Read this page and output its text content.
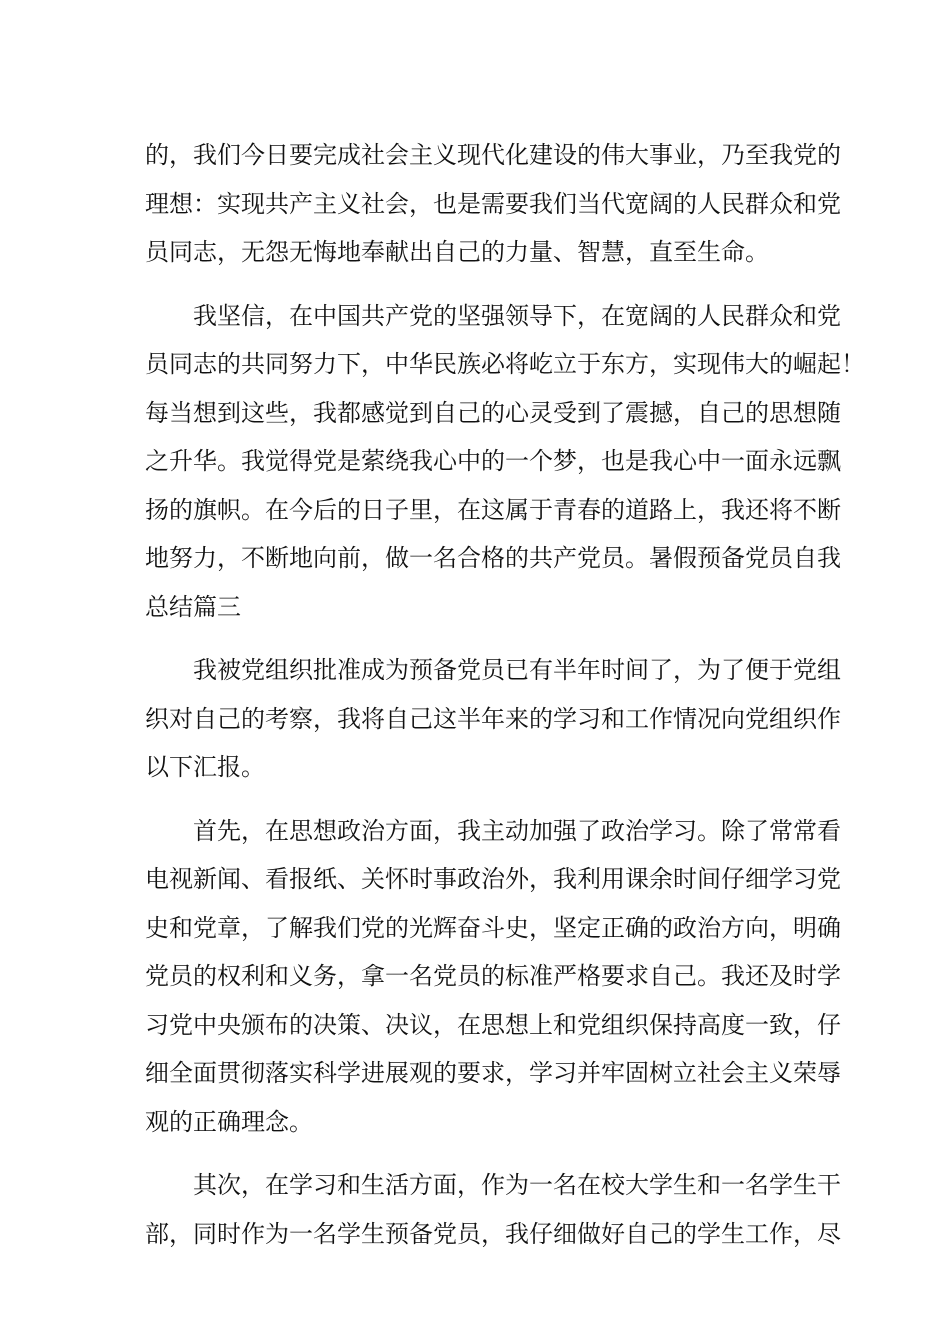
的，我们今日要完成社会主义现代化建设的伟大事业，乃至我党的
理想：实现共产主义社会，也是需要我们当代宽阔的人民群众和党
员同志，无怨无悔地奉献出自己的力量、智慧，直至生命。
我坚信，在中国共产党的坚强领导下，在宽阔的人民群众和党
员同志的共同努力下，中华民族必将屹立于东方，实现伟大的崛起！
每当想到这些，我都感觉到自己的心灵受到了震撼，自己的思想随
之升华。我觉得党是萦绕我心中的一个梦，也是我心中一面永远飘
扬的旗帜。在今后的日子里，在这属于青春的道路上，我还将不断
地努力，不断地向前，做一名合格的共产党员。暑假预备党员自我
总结篇三
我被党组织批准成为预备党员已有半年时间了，为了便于党组
织对自己的考察，我将自己这半年来的学习和工作情况向党组织作
以下汇报。
首先，在思想政治方面，我主动加强了政治学习。除了常常看
电视新闻、看报纸、关怀时事政治外，我利用课余时间仔细学习党
史和党章，了解我们党的光辉奋斗史，坚定正确的政治方向，明确
党员的权利和义务，拿一名党员的标准严格要求自己。我还及时学
习党中央颁布的决策、决议，在思想上和党组织保持高度一致，仔
细全面贯彻落实科学进展观的要求，学习并牢固树立社会主义荣辱
观的正确理念。
其次，在学习和生活方面，作为一名在校大学生和一名学生干
部，同时作为一名学生预备党员，我仔细做好自己的学生工作，尽
